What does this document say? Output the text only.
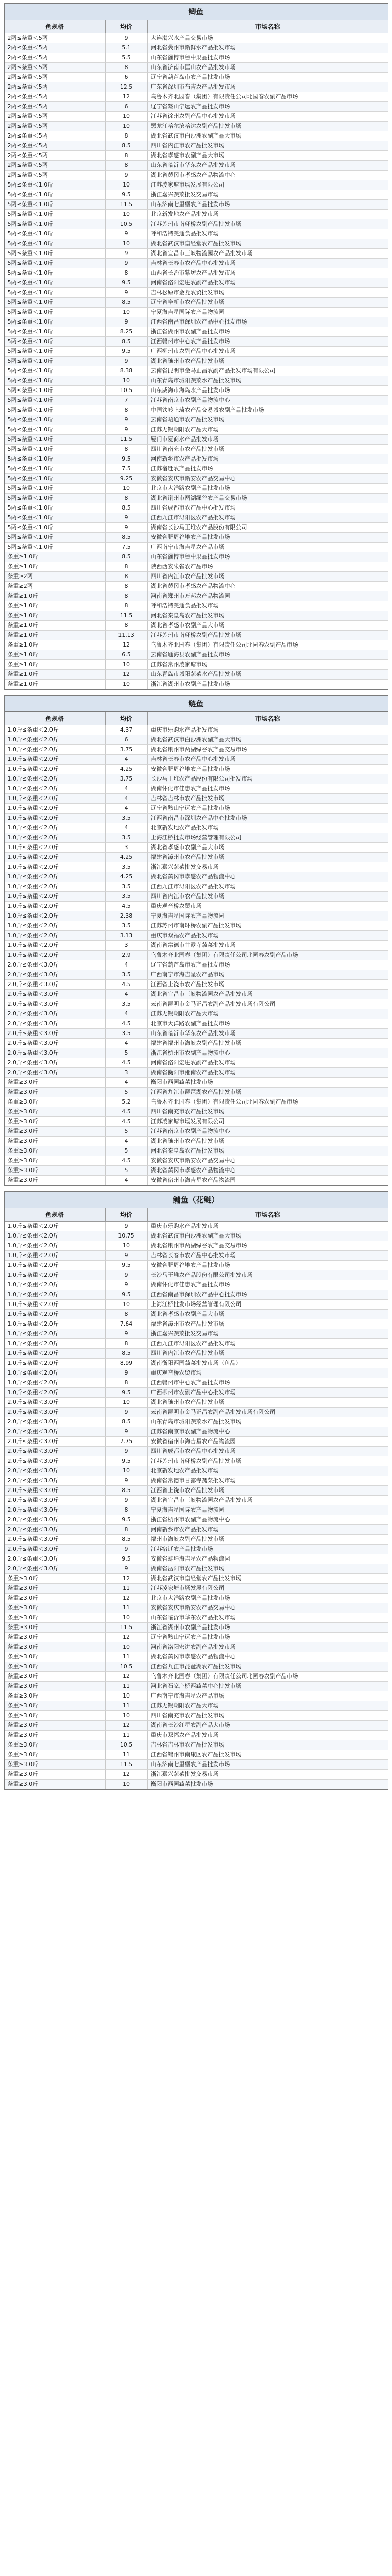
鲫鱼
鱼规格	均价	市场名称
2两≤条重＜5两	9	大连渤兴水产品交易市场
2两≤条重＜5两	5.1	河北省冀州市新鲜水产品批发市场
2两≤条重＜5两	5.5	山东省淄博市鲁中果品批发市场
2两≤条重＜5两	8	山东省济南市匡山农产品批发市场
2两≤条重＜5两	6	辽宁省葫芦岛市农产品批发市场
2两≤条重＜5两	12.5	广东省深圳市布吉农产品批发市场
2两≤条重＜5两	12	乌鲁木齐北园春（集团）有限责任公司北园春农副产品市场
2两≤条重＜5两	6	辽宁省鞍山宁远农产品批发市场
2两≤条重＜5两	10	江苏省徐州农副产品中心批发市场
2两≤条重＜5两	10	黑龙江哈尔滨哈达农副产品批发市场
2两≤条重＜5两	8	湖北省武汉市白沙洲农副产品大市场
2两≤条重＜5两	8.5	四川省内江市农产品批发市场
2两≤条重＜5两	8	湖北省孝感市农副产品大市场
2两≤条重＜5两	8	山东省临沂市华东农产品批发市场
2两≤条重＜5两	9	湖北省黄冈市孝感农产品物流中心
5两≤条重＜1.0斤	10	江苏凌家塘市场发展有限公司
5两≤条重＜1.0斤	9.5	浙江嘉兴蔬菜批发交易市场
5两≤条重＜1.0斤	11.5	山东济南七里堡农产品批发市场
5两≤条重＜1.0斤	10	北京新发地农产品批发市场
5两≤条重＜1.0斤	10.5	江苏苏州市南环桥农副产品批发市场
5两≤条重＜1.0斤	9	呼和浩特美通食品批发市场
5两≤条重＜1.0斤	10	湖北省武汉市皇经堂农产品批发市场
5两≤条重＜1.0斤	9	湖北省宜昌市三峡物流园农产品批发市场
5两≤条重＜1.0斤	9	吉林省长春市农产品中心批发市场
5两≤条重＜1.0斤	8	山西省长治市紫坊农产品批发市场
5两≤条重＜1.0斤	9.5	河南省洛阳宏进农副产品批发市场
5两≤条重＜1.0斤	9	吉林松原市金龙农贸批发市场
5两≤条重＜1.0斤	8.5	辽宁省阜新市农产品批发市场
5两≤条重＜1.0斤	10	宁夏海吉星国际农产品物流园
5两≤条重＜1.0斤	9	江西省南昌市深圳农产品中心批发市场
5两≤条重＜1.0斤	8.25	浙江省湖州市农副产品批发市场
5两≤条重＜1.0斤	8.5	江西赣州市中心农产品批发市场
5两≤条重＜1.0斤	9.5	广西柳州市农副产品中心批发市场
5两≤条重＜1.0斤	9	湖北省随州市农产品批发市场
5两≤条重＜1.0斤	8.38	云南省昆明市金马正昌农副产品批发市场有限公司
5两≤条重＜1.0斤	10	山东青岛市城阳蔬菜水产品批发市场
5两≤条重＜1.0斤	10.5	山东威海市海岛水产品批发市场
5两≤条重＜1.0斤	7	江苏省南京市农副产品物流中心
5两≤条重＜1.0斤	8	中国铁岭上琦农产品交易城农副产品批发市场
5两≤条重＜1.0斤	9	云南省昭通市农产品批发市场
5两≤条重＜1.0斤	9	江苏无锡朝阳农产品大市场
5两≤条重＜1.0斤	11.5	厦门市夏商水产品批发市场
5两≤条重＜1.0斤	8	四川省南充市农产品批发市场
5两≤条重＜1.0斤	9.5	河南新乡市农产品批发市场
5两≤条重＜1.0斤	7.5	江苏宿迁农产品批发市场
5两≤条重＜1.0斤	9.25	安徽省安庆市新安农产品交易中心
5两≤条重＜1.0斤	10	北京市大洋路农副产品批发市场
5两≤条重＜1.0斤	8	湖北省荆州市两湖绿谷农产品交易市场
5两≤条重＜1.0斤	8.5	四川省成都市农产品中心批发市场
5两≤条重＜1.0斤	9	江西九江市浔阳区农产品批发市场
5两≤条重＜1.0斤	9	湖南省长沙马王堆农产品股份有限公司
5两≤条重＜1.0斤	8.5	安徽合肥周谷堆农产品批发市场
5两≤条重＜1.0斤	7.5	广西南宁市海吉星农产品市场
条重≥1.0斤	8.5	山东省淄博市鲁中果品批发市场
条重≥1.0斤	8	陕西西安朱雀农产品市场
条重≥2两	8	四川省内江市农产品批发市场
条重≥2两	8	湖北省黄冈市孝感农产品物流中心
条重≥1.0斤	8	河南省郑州市万邦农产品物流园
条重≥1.0斤	8	呼和浩特美通食品批发市场
条重≥1.0斤	11.5	河北省秦皇岛农产品批发市场
条重≥1.0斤	8	湖北省孝感市农副产品大市场
条重≥1.0斤	11.13	江苏苏州市南环桥农副产品批发市场
条重≥1.0斤	12	乌鲁木齐北园春（集团）有限责任公司北园春农副产品市场
条重≥1.0斤	6.5	云南省通海县农副产品批发市场
条重≥1.0斤	10	江苏省常州凌家塘市场
条重≥1.0斤	12	山东青岛市城阳蔬菜水产品批发市场
条重≥1.0斤	10	浙江省湖州市农副产品批发市场
鲢鱼
鱼规格	均价	市场名称
1.0斤≤条重＜2.0斤	4.37	重庆市乐购水产品批发市场
1.0斤≤条重＜2.0斤	6	湖北省武汉市白沙洲农副产品大市场
1.0斤≤条重＜2.0斤	3.75	湖北省荆州市两湖绿谷农产品交易市场
1.0斤≤条重＜2.0斤	4	吉林省长春市农产品中心批发市场
1.0斤≤条重＜2.0斤	4.25	安徽合肥周谷堆农产品批发市场
1.0斤≤条重＜2.0斤	3.75	长沙马王堆农产品股份有限公司批发市场
1.0斤≤条重＜2.0斤	4	湖南怀化市佳惠农产品批发市场
1.0斤≤条重＜2.0斤	4	吉林省吉林市农产品批发市场
1.0斤≤条重＜2.0斤	4	辽宁省鞍山宁远农产品批发市场
1.0斤≤条重＜2.0斤	3.5	江西省南昌市深圳农产品中心批发市场
1.0斤≤条重＜2.0斤	4	北京新发地农产品批发市场
1.0斤≤条重＜2.0斤	3.5	上海江桥批发市场经营管理有限公司
1.0斤≤条重＜2.0斤	3	湖北省孝感市农副产品大市场
1.0斤≤条重＜2.0斤	4.25	福建省漳州市农产品批发市场
1.0斤≤条重＜2.0斤	3.5	浙江嘉兴蔬菜批发交易市场
1.0斤≤条重＜2.0斤	4.25	湖北省黄冈市孝感农产品物流中心
1.0斤≤条重＜2.0斤	3.5	江西九江市浔阳区农产品批发市场
1.0斤≤条重＜2.0斤	3.5	四川省内江市农产品批发市场
1.0斤≤条重＜2.0斤	4.5	重庆观音桥农贸市场
1.0斤≤条重＜2.0斤	2.38	宁夏海吉星国际农产品物流园
1.0斤≤条重＜2.0斤	3.5	江苏苏州市南环桥农副产品批发市场
1.0斤≤条重＜2.0斤	3.13	重庆市双福农产品批发市场
1.0斤≤条重＜2.0斤	3	湖南省常德市甘露寺蔬菜批发市场
1.0斤≤条重＜2.0斤	2.9	乌鲁木齐北园春（集团）有限责任公司北园春农副产品市场
2.0斤≤条重＜3.0斤	4	辽宁省葫芦岛市农产品批发市场
2.0斤≤条重＜3.0斤	3.5	广西南宁市海吉星农产品市场
2.0斤≤条重＜3.0斤	4.5	江西省上饶市农产品批发市场
2.0斤≤条重＜3.0斤	4	湖北省宜昌市三峡物流园农产品批发市场
2.0斤≤条重＜3.0斤	3.5	云南省昆明市金马正昌农副产品批发市场有限公司
2.0斤≤条重＜3.0斤	4	江苏无锡朝阳农产品大市场
2.0斤≤条重＜3.0斤	4.5	北京市大洋路农副产品批发市场
2.0斤≤条重＜3.0斤	3.5	山东省临沂市华东农产品批发市场
2.0斤≤条重＜3.0斤	4	福建省福州市海峡农副产品批发市场
2.0斤≤条重＜3.0斤	5	浙江省杭州市农副产品物流中心
2.0斤≤条重＜3.0斤	4.5	河南省洛阳宏进农副产品批发市场
2.0斤≤条重＜3.0斤	3	湖南省衡阳市湘南农产品批发市场
条重≥3.0斤	4	衡阳市西园蔬菜批发市场
条重≥3.0斤	5	江西省九江市琵琶湖农产品批发市场
条重≥3.0斤	5.2	乌鲁木齐北园春（集团）有限责任公司北园春农副产品市场
条重≥3.0斤	4.5	四川省南充市农产品批发市场
条重≥3.0斤	4.5	江苏凌家塘市场发展有限公司
条重≥3.0斤	5	江苏省南京市农副产品物流中心
条重≥3.0斤	4	湖北省随州市农产品批发市场
条重≥3.0斤	5	河北省秦皇岛农产品批发市场
条重≥3.0斤	4.5	安徽省安庆市新安农产品交易中心
条重≥3.0斤	5	湖北省黄冈市孝感农产品物流中心
条重≥3.0斤	4	安徽省宿州市海吉星农产品物流园
鳙鱼（花鲢）
鱼规格	均价	市场名称
1.0斤≤条重＜2.0斤	9	重庆市乐购水产品批发市场
1.0斤≤条重＜2.0斤	10.75	湖北省武汉市白沙洲农副产品大市场
1.0斤≤条重＜2.0斤	10	湖北省荆州市两湖绿谷农产品交易市场
1.0斤≤条重＜2.0斤	9	吉林省长春市农产品中心批发市场
1.0斤≤条重＜2.0斤	9.5	安徽合肥周谷堆农产品批发市场
1.0斤≤条重＜2.0斤	9	长沙马王堆农产品股份有限公司批发市场
1.0斤≤条重＜2.0斤	9	湖南怀化市佳惠农产品批发市场
1.0斤≤条重＜2.0斤	9.5	江西省南昌市深圳农产品中心批发市场
1.0斤≤条重＜2.0斤	10	上海江桥批发市场经营管理有限公司
1.0斤≤条重＜2.0斤	8	湖北省孝感市农副产品大市场
1.0斤≤条重＜2.0斤	7.64	福建省漳州市农产品批发市场
1.0斤≤条重＜2.0斤	9	浙江嘉兴蔬菜批发交易市场
1.0斤≤条重＜2.0斤	8	江西九江市浔阳区农产品批发市场
1.0斤≤条重＜2.0斤	8.5	四川省内江市农产品批发市场
1.0斤≤条重＜2.0斤	8.99	湖南衡阳西园蔬菜批发市场（鱼品）
1.0斤≤条重＜2.0斤	9	重庆观音桥农贸市场
1.0斤≤条重＜2.0斤	8	江西赣州市中心农产品批发市场
1.0斤≤条重＜2.0斤	9.5	广西柳州市农副产品中心批发市场
2.0斤≤条重＜3.0斤	10	湖北省随州市农产品批发市场
2.0斤≤条重＜3.0斤	9	云南省昆明市金马正昌农副产品批发市场有限公司
2.0斤≤条重＜3.0斤	8.5	山东青岛市城阳蔬菜水产品批发市场
2.0斤≤条重＜3.0斤	9	江苏省南京市农副产品物流中心
2.0斤≤条重＜3.0斤	7.75	安徽省宿州市海吉星农产品物流园
2.0斤≤条重＜3.0斤	9	四川省成都市农产品中心批发市场
2.0斤≤条重＜3.0斤	9.5	江苏苏州市南环桥农副产品批发市场
2.0斤≤条重＜3.0斤	10	北京新发地农产品批发市场
2.0斤≤条重＜3.0斤	9	湖南省常德市甘露寺蔬菜批发市场
2.0斤≤条重＜3.0斤	8.5	江西省上饶市农产品批发市场
2.0斤≤条重＜3.0斤	9	湖北省宜昌市三峡物流园农产品批发市场
2.0斤≤条重＜3.0斤	8	宁夏海吉星国际农产品物流园
2.0斤≤条重＜3.0斤	9.5	浙江省杭州市农副产品物流中心
2.0斤≤条重＜3.0斤	8	河南新乡市农产品批发市场
2.0斤≤条重＜3.0斤	8.5	福州市海峡农副产品批发市场
2.0斤≤条重＜3.0斤	9	江苏宿迁农产品批发市场
2.0斤≤条重＜3.0斤	9.5	安徽省蚌埠海吉星农产品物流园
2.0斤≤条重＜3.0斤	9	湖南省岳阳市农产品批发市场
条重≥3.0斤	12	湖北省武汉市皇经堂农产品批发市场
条重≥3.0斤	11	江苏凌家塘市场发展有限公司
条重≥3.0斤	12	北京市大洋路农副产品批发市场
条重≥3.0斤	11	安徽省安庆市新安农产品交易中心
条重≥3.0斤	10	山东省临沂市华东农产品批发市场
条重≥3.0斤	11.5	浙江省湖州市农副产品批发市场
条重≥3.0斤	12	辽宁省鞍山宁远农产品批发市场
条重≥3.0斤	10	河南省洛阳宏进农副产品批发市场
条重≥3.0斤	11	湖北省黄冈市孝感农产品物流中心
条重≥3.0斤	10.5	江西省九江市琵琶湖农产品批发市场
条重≥3.0斤	12	乌鲁木齐北园春（集团）有限责任公司北园春农副产品市场
条重≥3.0斤	11	河北省石家庄桥西蔬菜中心批发市场
条重≥3.0斤	10	广西南宁市海吉星农产品市场
条重≥3.0斤	11	江苏无锡朝阳农产品大市场
条重≥3.0斤	10	四川省南充市农产品批发市场
条重≥3.0斤	12	湖南省长沙红星农副产品大市场
条重≥3.0斤	11	重庆市双福农产品批发市场
条重≥3.0斤	10.5	吉林省吉林市农产品批发市场
条重≥3.0斤	11	江西省赣州市南康区农产品批发市场
条重≥3.0斤	11.5	山东济南七里堡农产品批发市场
条重≥3.0斤	12	浙江嘉兴蔬菜批发交易市场
条重≥3.0斤	10	衡阳市西园蔬菜批发市场
